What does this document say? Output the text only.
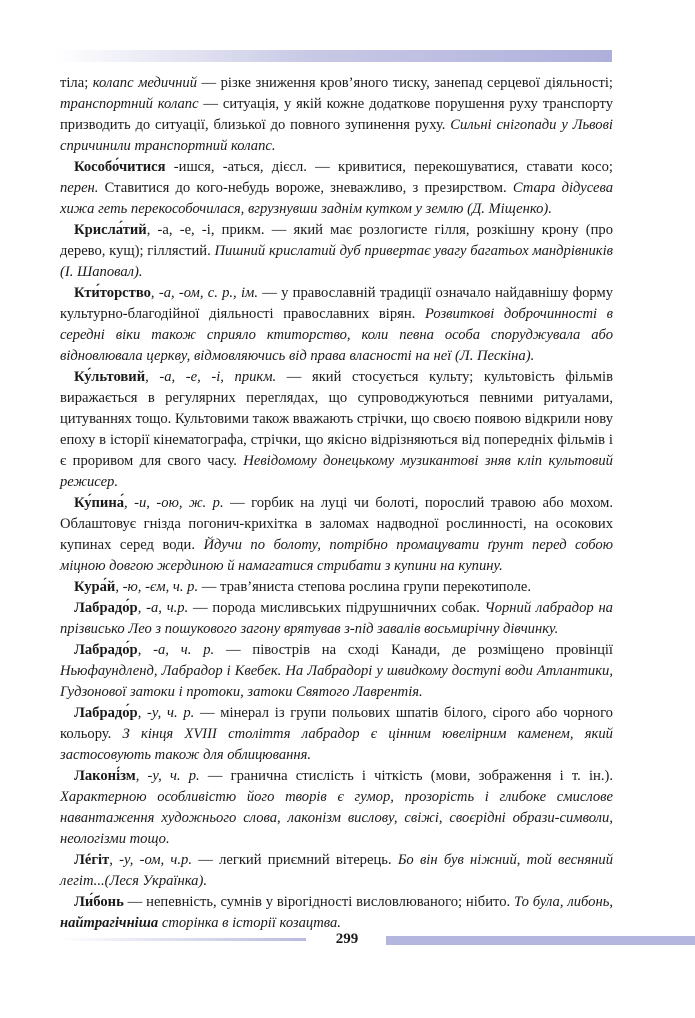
тіла; колапс медичний — різке зниження кров’яного тиску, занепад серцевої діяльності; транспортний колапс — ситуація, у якій кожне додаткове порушення руху транспорту призводить до ситуації, близької до повного зупинення руху. Сильні снігопади у Львові спричинили транспортний колапс.

Кособо́читися -ишся, -аться, дієсл. — кривитися, перекошуватися, ставати косо; перен. Ставитися до кого-небудь вороже, зневажливо, з презирством. Стара дідусева хижа геть перекособочилася, вгрузнувши заднім кутком у землю (Д. Міщенко).

Крисла́тий, -а, -е, -і, прикм. — який має розлогисте гілля, розкішну крону (про дерево, кущ); гіллястий. Пишний крислатий дуб привертає увагу багатьох мандрівників (І. Шаповал).

Кти́торство, -а, -ом, с. р., ім. — у православній традиції означало найдавнішу форму культурно-благодійної діяльності православних вірян. Розвиткові доброчинності в середні віки також сприяло ктиторство, коли певна особа споруджувала або відновлювала церкву, відмовляючись від права власності на неї (Л. Пескіна).

Ку́льтовий, -а, -е, -і, прикм. — який стосується культу; культовість фільмів виражається в регулярних переглядах, що супроводжуються певними ритуалами, цитуваннях тощо. Культовими також вважають стрічки, що своєю появою відкрили нову епоху в історії кінематографа, стрічки, що якісно відрізняються від попередніх фільмів і є проривом для свого часу. Невідомому донецькому музикантові зняв кліп культовий режисер.

Ку́пина́, -и, -ою, ж. р. — горбик на луці чи болоті, порослий травою або мохом. Облаштовує гнізда погонич-крихітка в заломах надводної рослинності, на осокових купинах серед води. Йдучи по болоту, потрібно промацувати ґрунт перед собою міцною довгою жердиною й намагатися стрибати з купини на купину.

Кура́й, -ю, -єм, ч. р. — трав’яниста степова рослина групи перекотиполе.

Лабрадо́р, -а, ч.р. — порода мисливських підрушничних собак. Чорний лабрадор на прізвисько Лео з пошукового загону врятував з-під завалів восьмирічну дівчинку.

Лабрадо́р, -а, ч. р. — півострів на сході Канади, де розміщено провінції Ньюфаундленд, Лабрадор і Квебек. На Лабрадорі у швидкому доступі води Атлантики, Гудзонової затоки і протоки, затоки Святого Лаврентія.

Лабрадо́р, -у, ч. р. — мінерал із групи польових шпатів білого, сірого або чорного кольору. З кінця XVIII століття лабрадор є цінним ювелірним каменем, який застосовують також для облицювання.

Лаконі́зм, -у, ч. р. — гранична стислість і чіткість (мови, зображення і т. ін.). Характерною особливістю його творів є гумор, прозорість і глибоке смислове навантаження художнього слова, лаконізм вислову, свіжі, своєрідні образи-символи, неологізми тощо.

Лéгіт, -у, -ом, ч.р. — легкий приємний вітерець. Бо він був ніжний, той весняний легіт...(Леся Українка).

Ли́бонь — непевність, сумнів у вірогідності висловлюваного; нібито. То була, либонь, найтрагічніша сторінка в історії козацтва.

299
